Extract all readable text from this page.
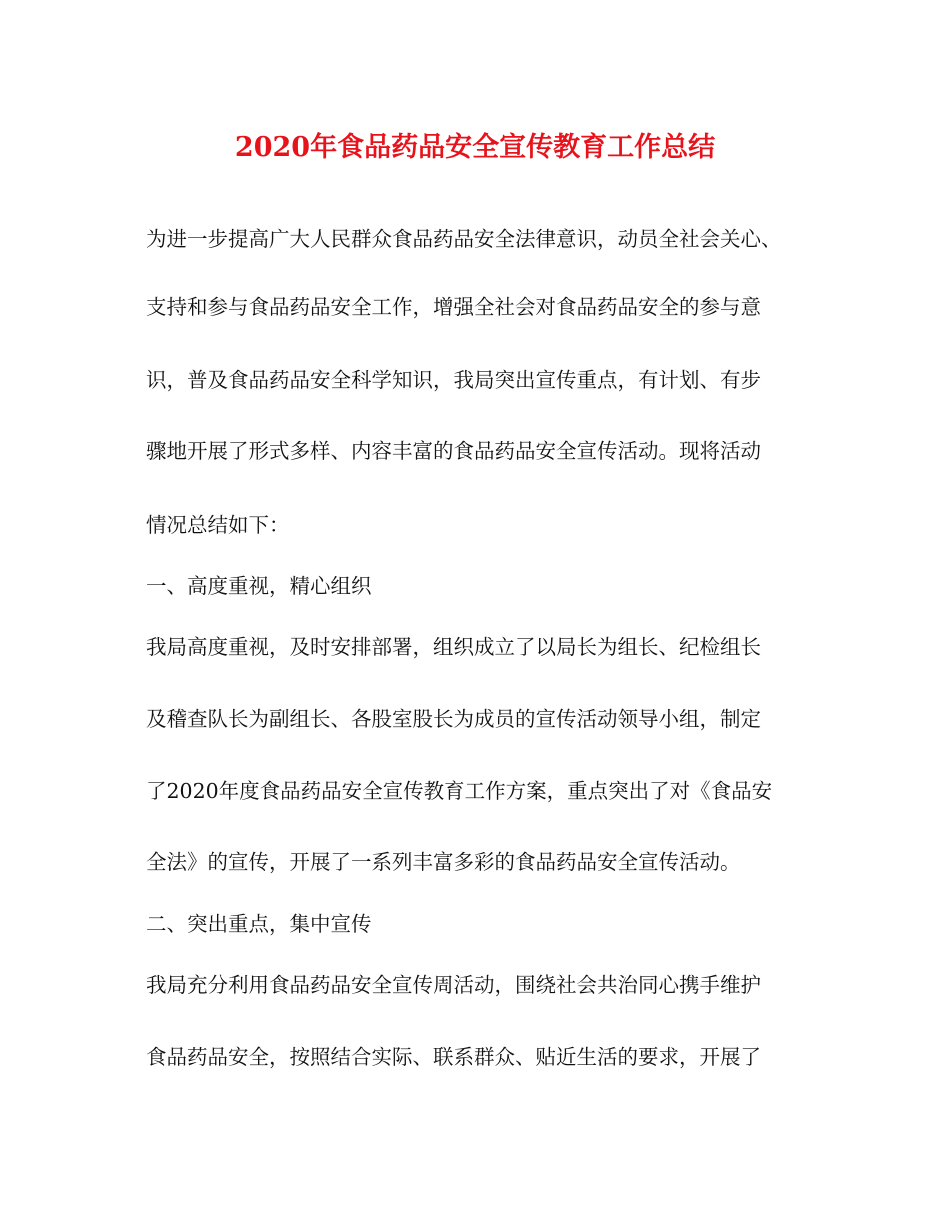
2020年食品药品安全宣传教育工作总结

为进一步提高广大人民群众食品药品安全法律意识，动员全社会关心、

支持和参与食品药品安全工作，增强全社会对食品药品安全的参与意

识，普及食品药品安全科学知识，我局突出宣传重点，有计划、有步

骤地开展了形式多样、内容丰富的食品药品安全宣传活动。现将活动

情况总结如下：

一、高度重视，精心组织

我局高度重视，及时安排部署，组织成立了以局长为组长、纪检组长

及稽查队长为副组长、各股室股长为成员的宣传活动领导小组，制定

了2020年度食品药品安全宣传教育工作方案，重点突出了对《食品安

全法》的宣传，开展了一系列丰富多彩的食品药品安全宣传活动。

二、突出重点，集中宣传

我局充分利用食品药品安全宣传周活动，围绕社会共治同心携手维护

食品药品安全，按照结合实际、联系群众、贴近生活的要求，开展了
